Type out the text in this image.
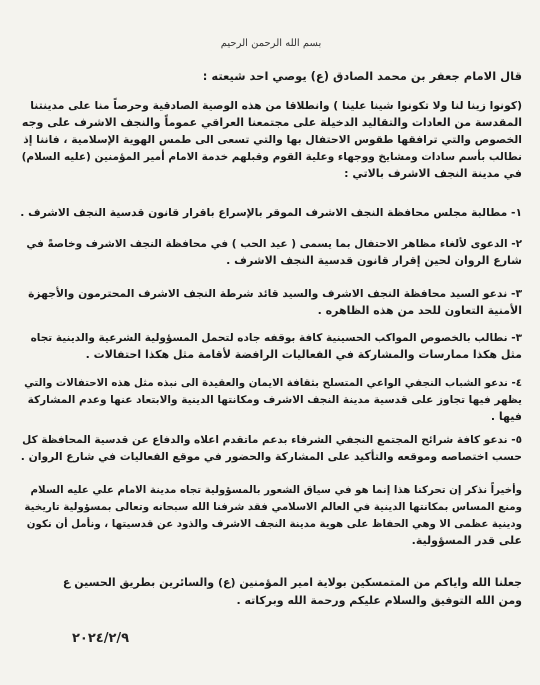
بسم الله الرحمن الرحيم
قال الامام جعفر بن محمد الصادق (ع) يوصي احد شيعته :
(كونوا زينا لنا ولا تكونوا شينا علينا ) وانطلاقا من هذه الوصية الصادقية وحرصاً منا على مدينتنا
المقدسة من العادات والتقاليد الدخيلة على مجتمعنا العراقي عموماً والنجف الاشرف على وجه
الخصوص والتي ترافقها طقوس الاحتفال بها والتي تسعى الى طمس الهوية الإسلامية ، فاننا إذ
نطالب بأسم سادات ومشايخ ووجهاء وعلية القوم وقبلهم خدمة الامام أمير المؤمنين (عليه السلام)
في مدينة النجف الاشرف بالاتي :
١- مطالبة مجلس محافظة النجف الاشرف الموقر بالإسراع باقرار قانون قدسية النجف الاشرف .
٢- الدعوى لألغاء مظاهر الاحتفال بما يسمى ( عيد الحب ) في محافظة النجف الاشرف وخاصةً في
شارع الروان لحين إقرار قانون قدسية النجف الاشرف .
٣- ندعو السيد محافظة النجف الاشرف والسيد قائد شرطة النجف الاشرف المحترمون والأجهزة
الأمنية التعاون للحد من هذه الظاهره .
٣- نطالب بالخصوص المواكب الحسينية كافة بوقفه جاده لتحمل المسؤولية الشرعية والدينية تجاه
مثل هكذا ممارسات والمشاركة في الفعاليات الرافضة لأقامة مثل هكذا احتفالات .
٤- ندعو الشباب النجفي الواعي المتسلح بثقافة الايمان والعقيدة الى نبذه مثل هذه الاحتفالات والتي
يظهر فيها تجاوز على قدسية مدينة النجف الاشرف ومكانتها الدينية والابتعاد عنها وعدم المشاركة
فيها .
٥- ندعو كافة شرائح المجتمع النجفي الشرفاء بدعم ماتقدم اعلاه والدفاع عن قدسية المحافظة كل
حسب اختصاصه وموقعه والتأكيد على المشاركة والحضور في موقع الفعاليات في شارع الروان .
وأخيراً نذكر إن تحركنا هذا إنما هو في سياق الشعور بالمسؤولية تجاه مدينة الامام علي عليه السلام
ومنع المساس بمكانتها الدينية في العالم الاسلامي فقد شرفنا الله سبحانه وتعالى بمسؤولية تاريخية
ودينية عظمى الا وهي الحفاظ على هوية مدينة النجف الاشرف والذود عن قدسيتها ، ونأمل أن نكون
على قدر المسؤولية.
جعلنا الله واياكم من المتمسكين بولاية امير المؤمنين (ع) والسائرين بطريق الحسين ع
ومن الله التوفيق والسلام عليكم ورحمة الله وبركاته .
٢٠٢٤/٢/٩
